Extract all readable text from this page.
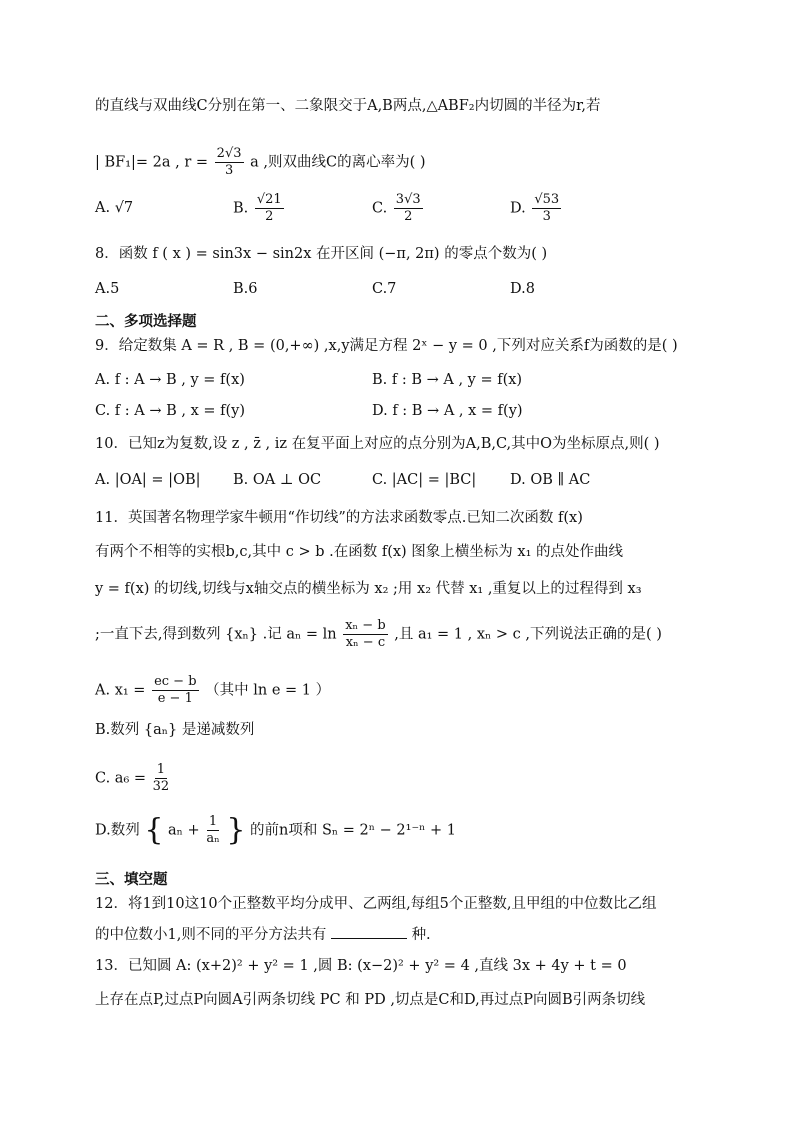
的直线与双曲线C分别在第一、二象限交于A,B两点,△ABF₂内切圆的半径为r,若
| BF₁|= 2a , $r = \frac{2√3}{3}$ a ,则双曲线C的离心率为( )
A. √7	B. $\frac{√21}{2}$	C. $\frac{3√3}{2}$	D. $\frac{√53}{3}$
8．函数 f ( x ) = sin3x − sin2x 在开区间 (−π, 2π) 的零点个数为( )
A.5	B.6	C.7	D.8
二、多项选择题
9．给定数集 A = R , B = (0,+∞) ,x,y满足方程 2ˣ − y = 0 ,下列对应关系f为函数的是( )
A. f : A → B , y = f(x)	B. f : B → A , y = f(x)
C. f : A → B , x = f(y)	D. f : B → A , x = f(y)
10．已知z为复数,设 z , z̄ , iz 在复平面上对应的点分别为A,B,C,其中O为坐标原点,则( )
A. |OA| = |OB| B. OA ⊥ OC	C. |AC| = |BC| D. OB ∥ AC
11．英国著名物理学家牛顿用“作切线”的方法求函数零点.已知二次函数 f(x)
有两个不相等的实根b,c,其中 c > b .在函数 f(x) 图象上横坐标为 x₁ 的点处作曲线
y = f(x) 的切线,切线与x轴交点的横坐标为 x₂ ;用 x₂ 代替 x₁ ,重复以上的过程得到 x₃
;一直下去,得到数列 {xₙ} .记 $a_n = \ln \frac{\text{xₙ − b}}{\text{xₙ − c}}$ ,且 a₁ = 1 , xₙ > c ,下列说法正确的是( )
A. $x_1 = \frac{ec - b}{e - 1}$ （其中 ln e = 1 ）
B.数列 {aₙ} 是递减数列
C. $a_6 = \frac{1}{32}$
D.数列 { $a_n + \frac{1}{\text{aₙ}}$ } 的前n项和 Sₙ = 2ⁿ − 2¹⁻ⁿ + 1
三、填空题
12．将1到10这10个正整数平均分成甲、乙两组,每组5个正整数,且甲组的中位数比乙组
的中位数小1,则不同的平分方法共有	种.
13．已知圆 A: (x+2)² + y² = 1 ,圆 B: (x−2)² + y² = 4 ,直线 3x + 4y + t = 0
上存在点P,过点P向圆A引两条切线 PC 和 PD ,切点是C和D,再过点P向圆B引两条切线
